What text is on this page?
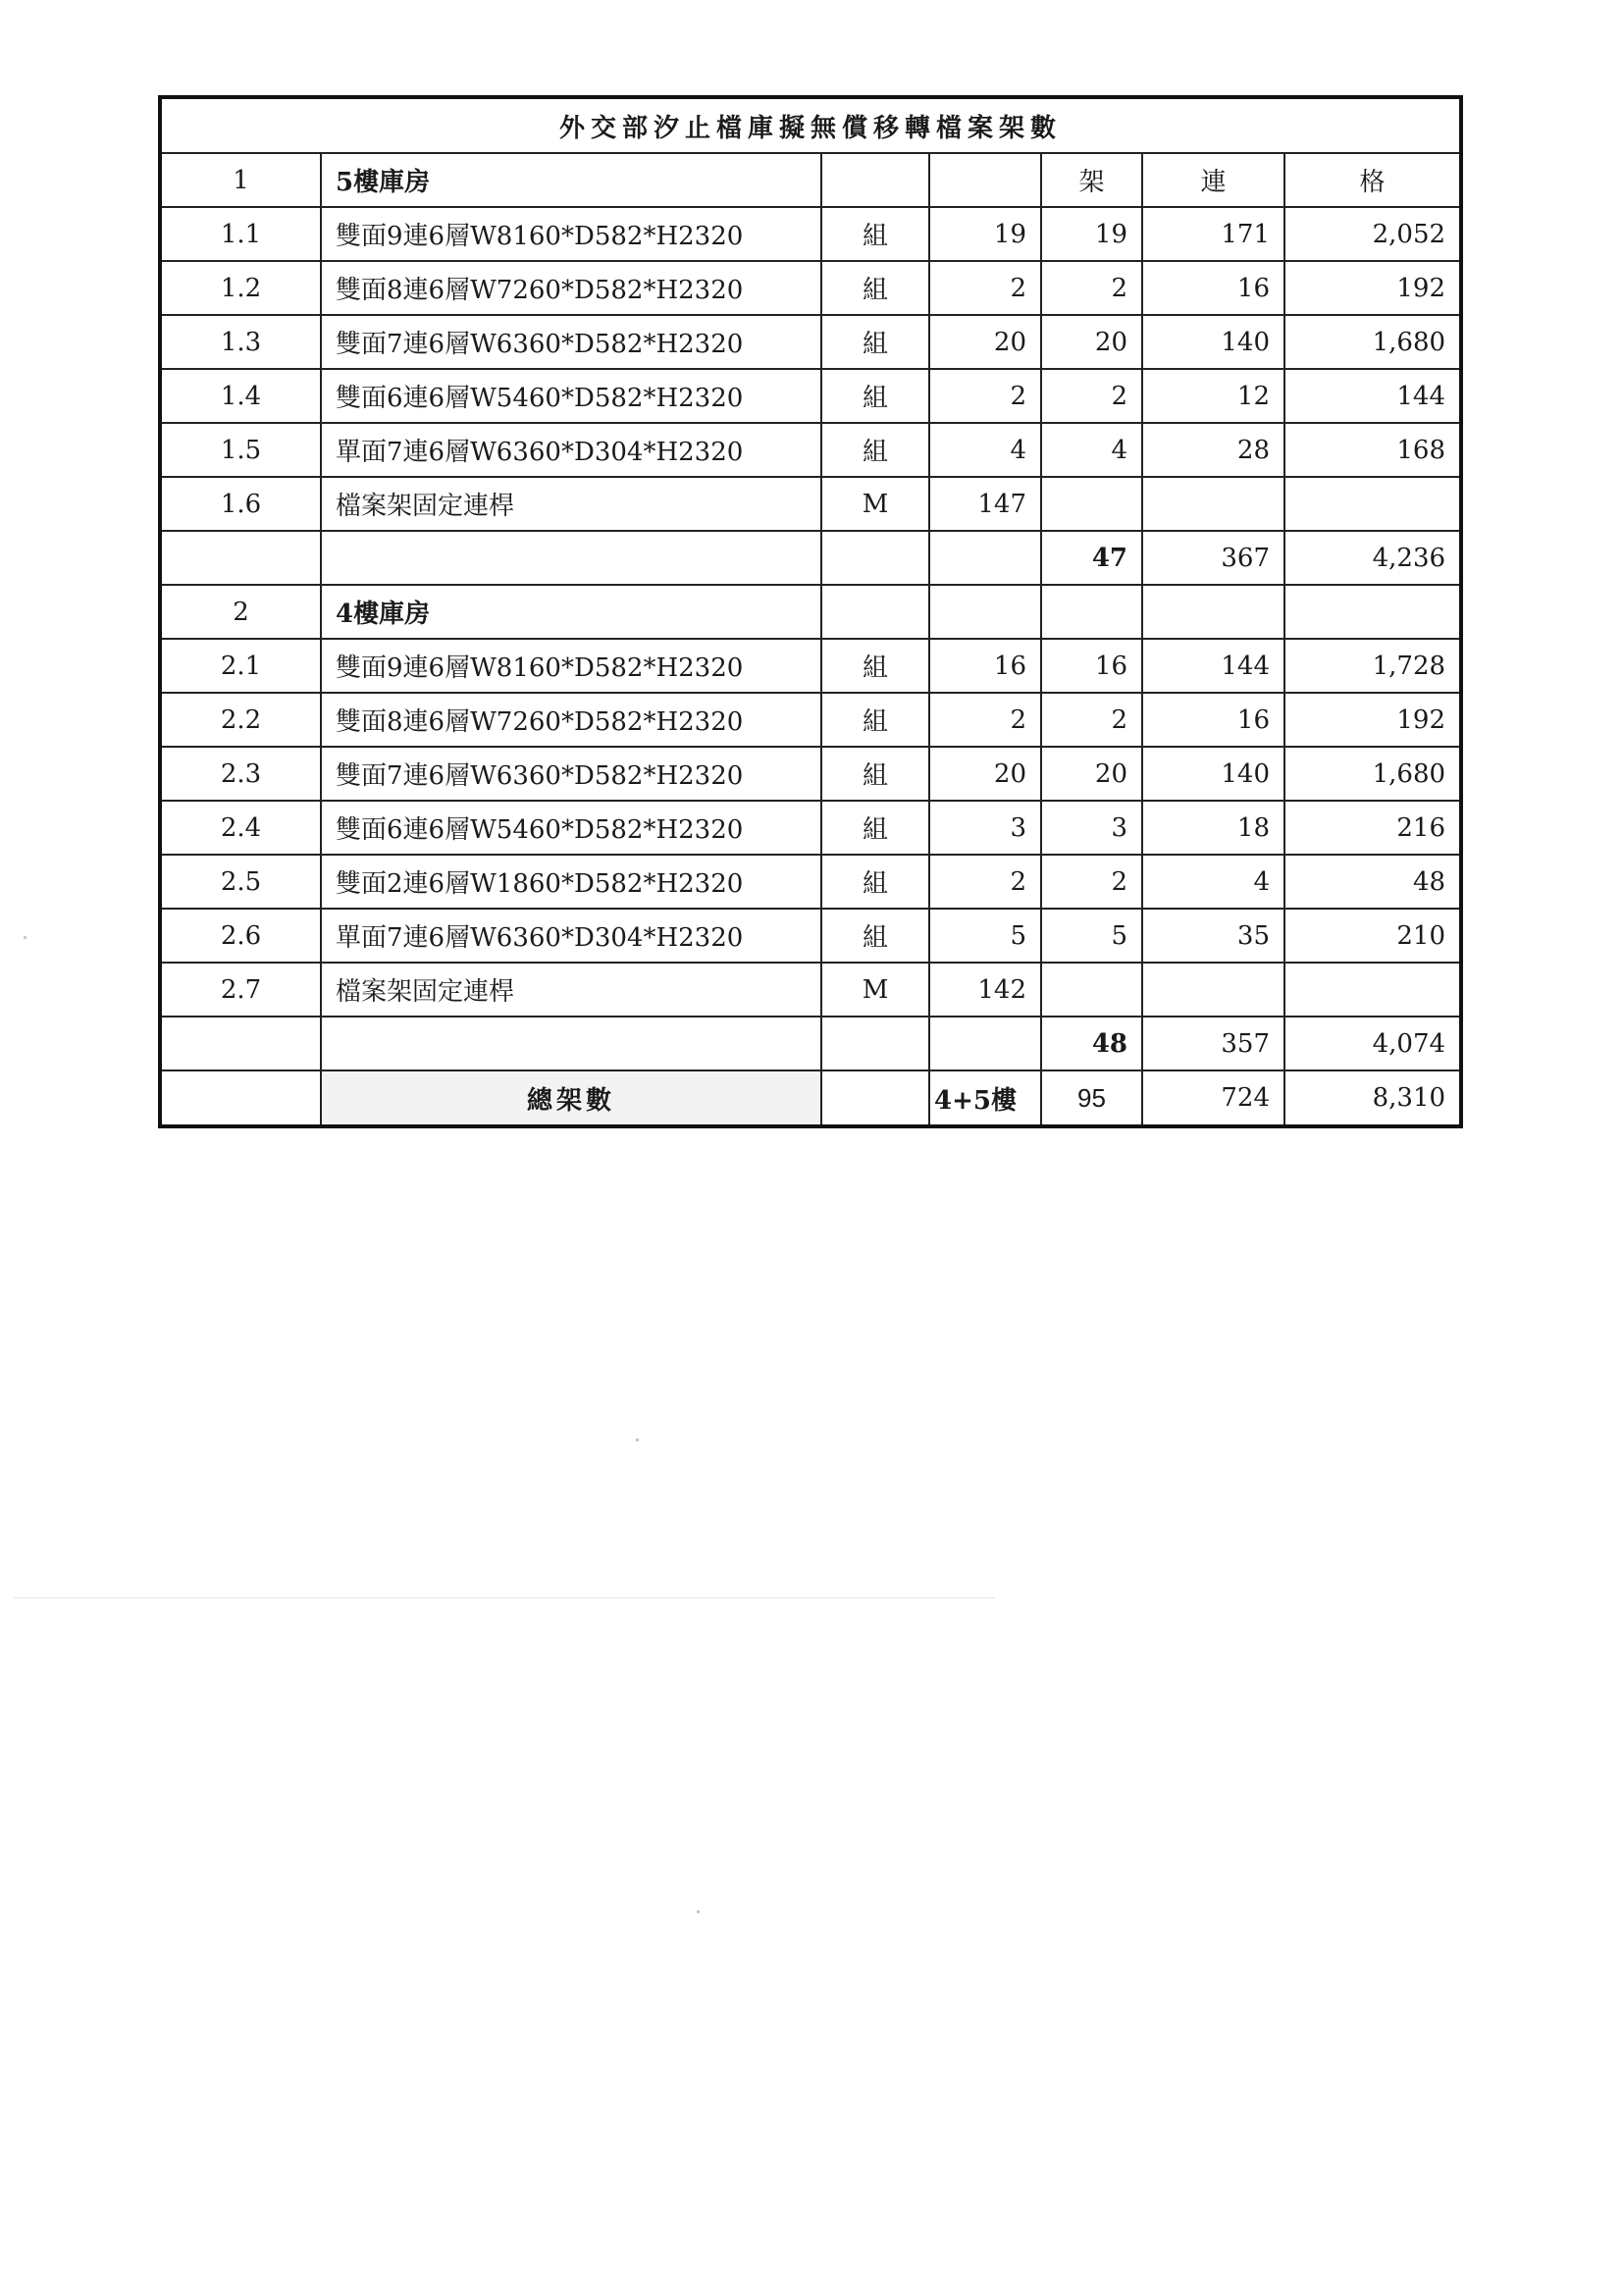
外交部汐止檔庫擬無償移轉檔案架數						
1	5樓庫房			架	連	格
1.1	雙面9連6層W8160*D582*H2320	組	19	19	171	2,052
1.2	雙面8連6層W7260*D582*H2320	組	2	2	16	192
1.3	雙面7連6層W6360*D582*H2320	組	20	20	140	1,680
1.4	雙面6連6層W5460*D582*H2320	組	2	2	12	144
1.5	單面7連6層W6360*D304*H2320	組	4	4	28	168
1.6	檔案架固定連桿	M	147			
				47	367	4,236
2	4樓庫房					
2.1	雙面9連6層W8160*D582*H2320	組	16	16	144	1,728
2.2	雙面8連6層W7260*D582*H2320	組	2	2	16	192
2.3	雙面7連6層W6360*D582*H2320	組	20	20	140	1,680
2.4	雙面6連6層W5460*D582*H2320	組	3	3	18	216
2.5	雙面2連6層W1860*D582*H2320	組	2	2	4	48
2.6	單面7連6層W6360*D304*H2320	組	5	5	35	210
2.7	檔案架固定連桿	M	142			
				48	357	4,074
	總架數		4+5樓	95	724	8,310
